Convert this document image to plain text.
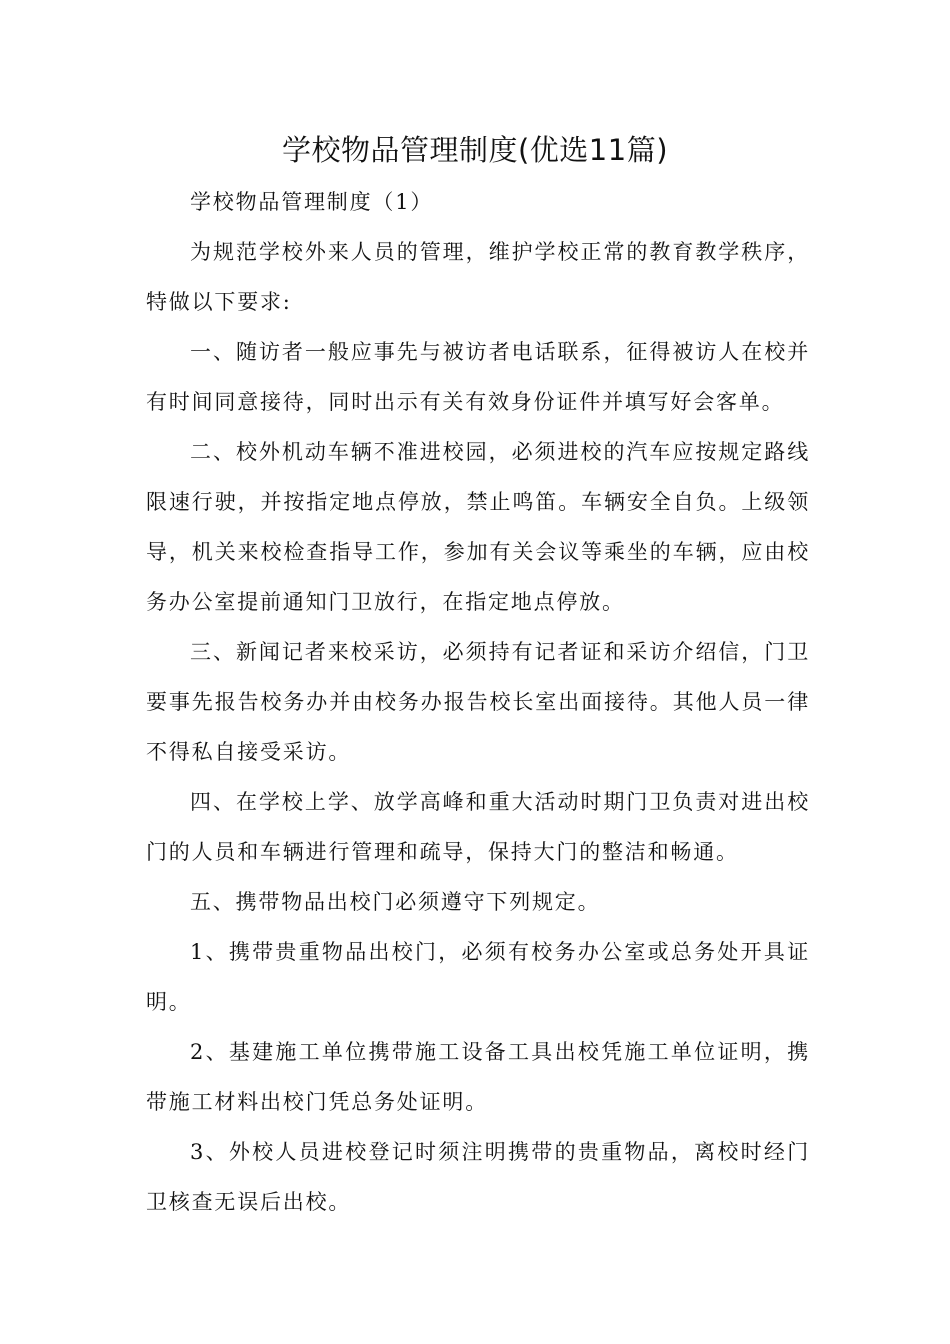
学校物品管理制度(优选11篇)

学校物品管理制度（1）

为规范学校外来人员的管理，维护学校正常的教育教学秩序，特做以下要求:

一、随访者一般应事先与被访者电话联系，征得被访人在校并有时间同意接待，同时出示有关有效身份证件并填写好会客单。

二、校外机动车辆不准进校园，必须进校的汽车应按规定路线限速行驶，并按指定地点停放，禁止鸣笛。车辆安全自负。上级领导，机关来校检查指导工作，参加有关会议等乘坐的车辆，应由校务办公室提前通知门卫放行，在指定地点停放。

三、新闻记者来校采访，必须持有记者证和采访介绍信，门卫要事先报告校务办并由校务办报告校长室出面接待。其他人员一律不得私自接受采访。

四、在学校上学、放学高峰和重大活动时期门卫负责对进出校门的人员和车辆进行管理和疏导，保持大门的整洁和畅通。

五、携带物品出校门必须遵守下列规定。

1、携带贵重物品出校门，必须有校务办公室或总务处开具证明。

2、基建施工单位携带施工设备工具出校凭施工单位证明，携带施工材料出校门凭总务处证明。

3、外校人员进校登记时须注明携带的贵重物品，离校时经门卫核查无误后出校。
